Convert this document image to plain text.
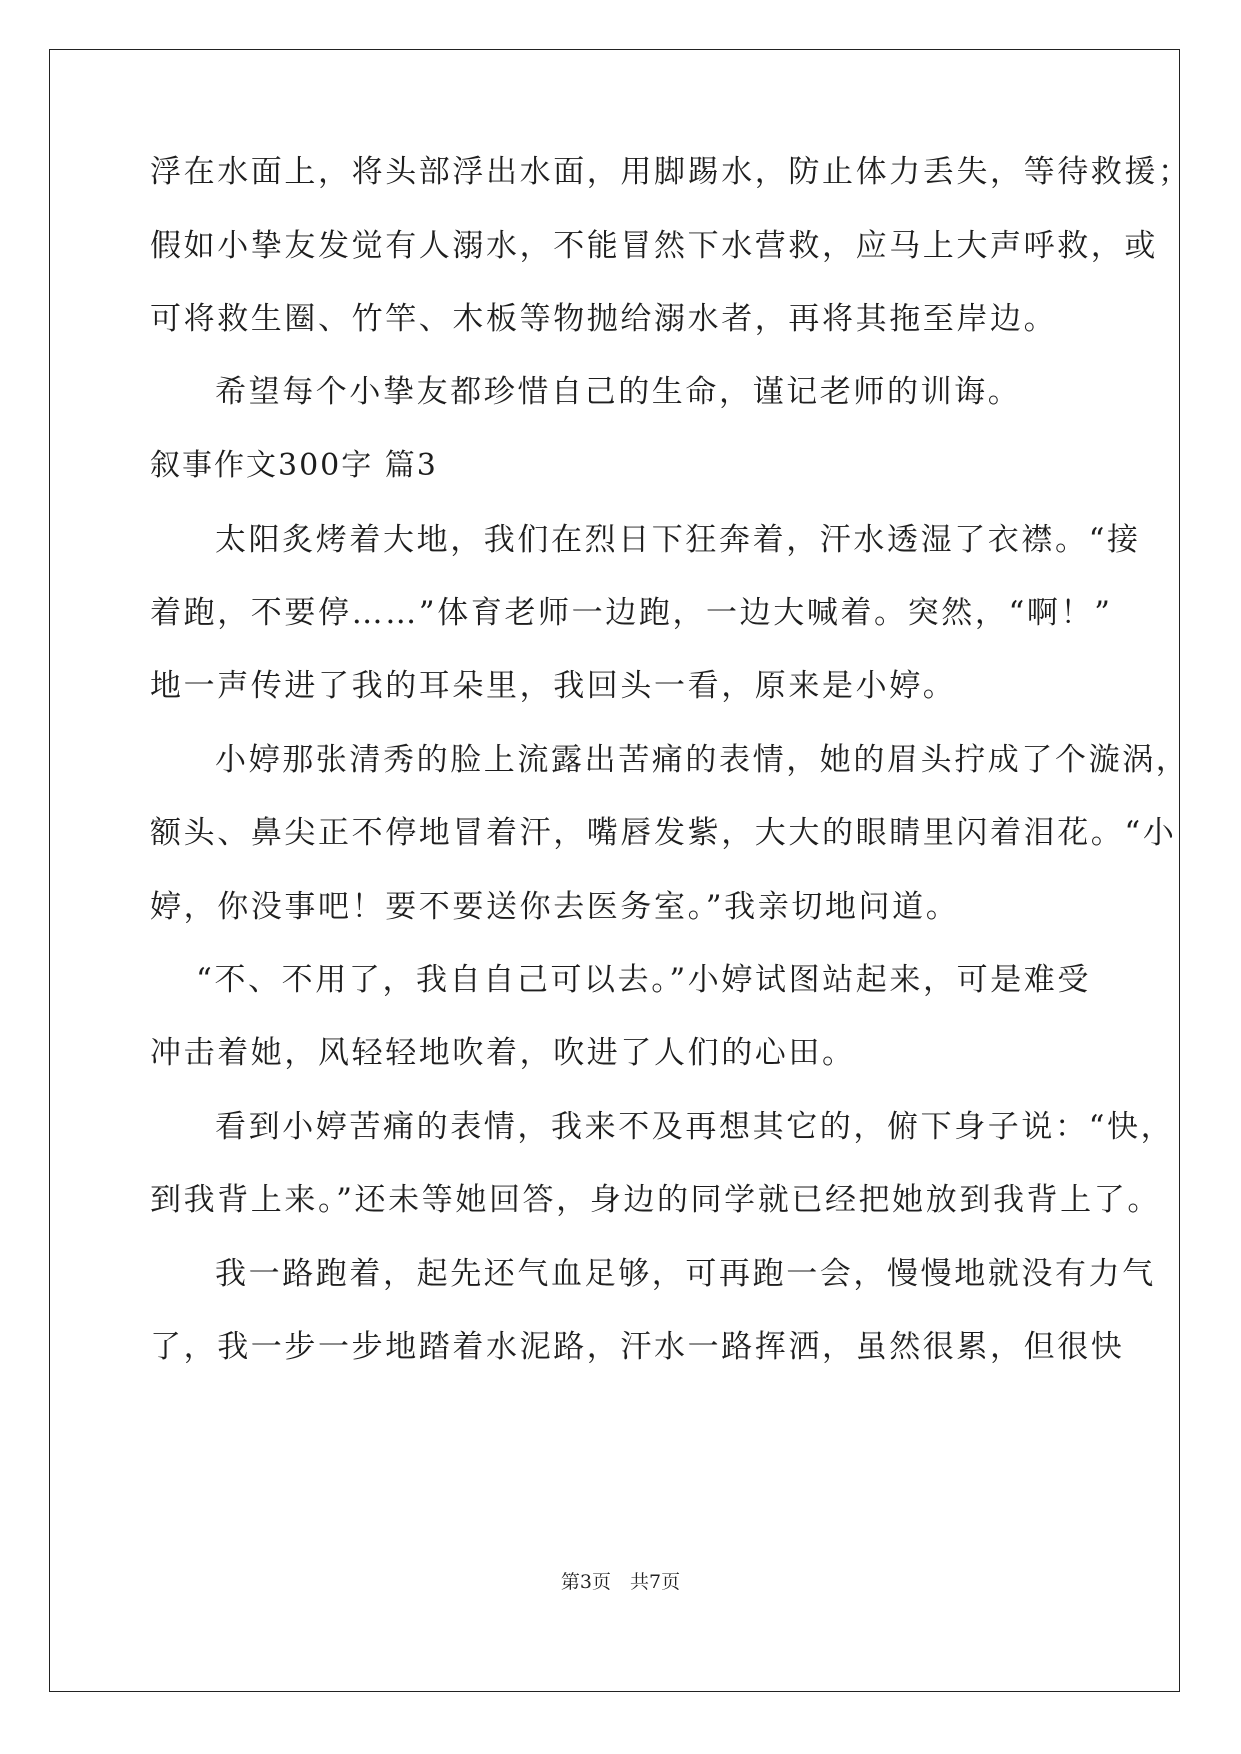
浮在水面上，将头部浮出水面，用脚踢水，防止体力丢失，等待救援；
假如小挚友发觉有人溺水，不能冒然下水营救，应马上大声呼救，或
可将救生圈、竹竿、木板等物抛给溺水者，再将其拖至岸边。
希望每个小挚友都珍惜自己的生命，谨记老师的训诲。
叙事作文300字 篇3
太阳炙烤着大地，我们在烈日下狂奔着，汗水透湿了衣襟。“接
着跑，不要停……”体育老师一边跑，一边大喊着。突然，“啊！”
地一声传进了我的耳朵里，我回头一看，原来是小婷。
小婷那张清秀的脸上流露出苦痛的表情，她的眉头拧成了个漩涡，
额头、鼻尖正不停地冒着汗，嘴唇发紫，大大的眼睛里闪着泪花。“小
婷，你没事吧！要不要送你去医务室。”我亲切地问道。
“不、不用了，我自自己可以去。”小婷试图站起来，可是难受
冲击着她，风轻轻地吹着，吹进了人们的心田。
看到小婷苦痛的表情，我来不及再想其它的，俯下身子说：“快，
到我背上来。”还未等她回答，身边的同学就已经把她放到我背上了。
我一路跑着，起先还气血足够，可再跑一会，慢慢地就没有力气
了，我一步一步地踏着水泥路，汗水一路挥洒，虽然很累，但很快
第3页　共7页
